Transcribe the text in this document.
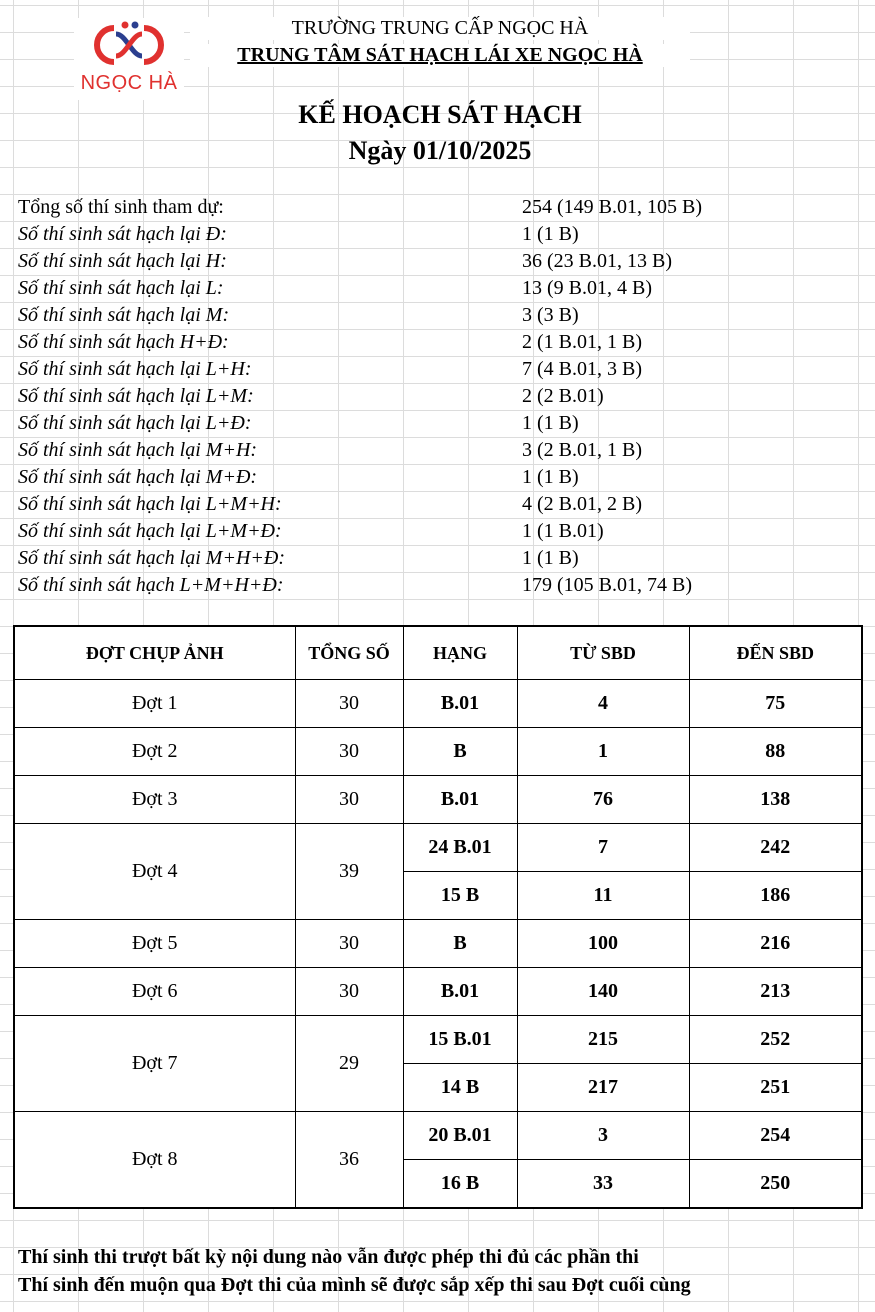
NGỌC HÀ
TRƯỜNG TRUNG CẤP NGỌC HÀ
TRUNG TÂM SÁT HẠCH LÁI XE NGỌC HÀ
KẾ HOẠCH SÁT HẠCH
Ngày 01/10/2025
Tổng số thí sinh tham dự:	254 (149 B.01, 105 B)
Số thí sinh sát hạch lại Đ:	1 (1 B)
Số thí sinh sát hạch lại H:	36 (23 B.01, 13 B)
Số thí sinh sát hạch lại L:	13 (9 B.01, 4 B)
Số thí sinh sát hạch lại M:	3 (3 B)
Số thí sinh sát hạch H+Đ:	2 (1 B.01, 1 B)
Số thí sinh sát hạch lại L+H:	7 (4 B.01, 3 B)
Số thí sinh sát hạch lại L+M:	2 (2 B.01)
Số thí sinh sát hạch lại L+Đ:	1 (1 B)
Số thí sinh sát hạch lại M+H:	3 (2 B.01, 1 B)
Số thí sinh sát hạch lại M+Đ:	1 (1 B)
Số thí sinh sát hạch lại L+M+H:	4 (2 B.01, 2 B)
Số thí sinh sát hạch lại L+M+Đ:	1 (1 B.01)
Số thí sinh sát hạch lại M+H+Đ:	1 (1 B)
Số thí sinh sát hạch L+M+H+Đ:	179 (105 B.01, 74 B)
ĐỢT CHỤP ẢNH	TỔNG SỐ	HẠNG	TỪ SBD	ĐẾN SBD
Đợt 1	30	B.01	4	75
Đợt 2	30	B	1	88
Đợt 3	30	B.01	76	138
Đợt 4	39	24 B.01	7	242
		15 B	11	186
Đợt 5	30	B	100	216
Đợt 6	30	B.01	140	213
Đợt 7	29	15 B.01	215	252
		14 B	217	251
Đợt 8	36	20 B.01	3	254
		16 B	33	250
Thí sinh thi trượt bất kỳ nội dung nào vẫn được phép thi đủ các phần thi
Thí sinh đến muộn qua Đợt thi của mình sẽ được sắp xếp thi sau Đợt cuối cùng
